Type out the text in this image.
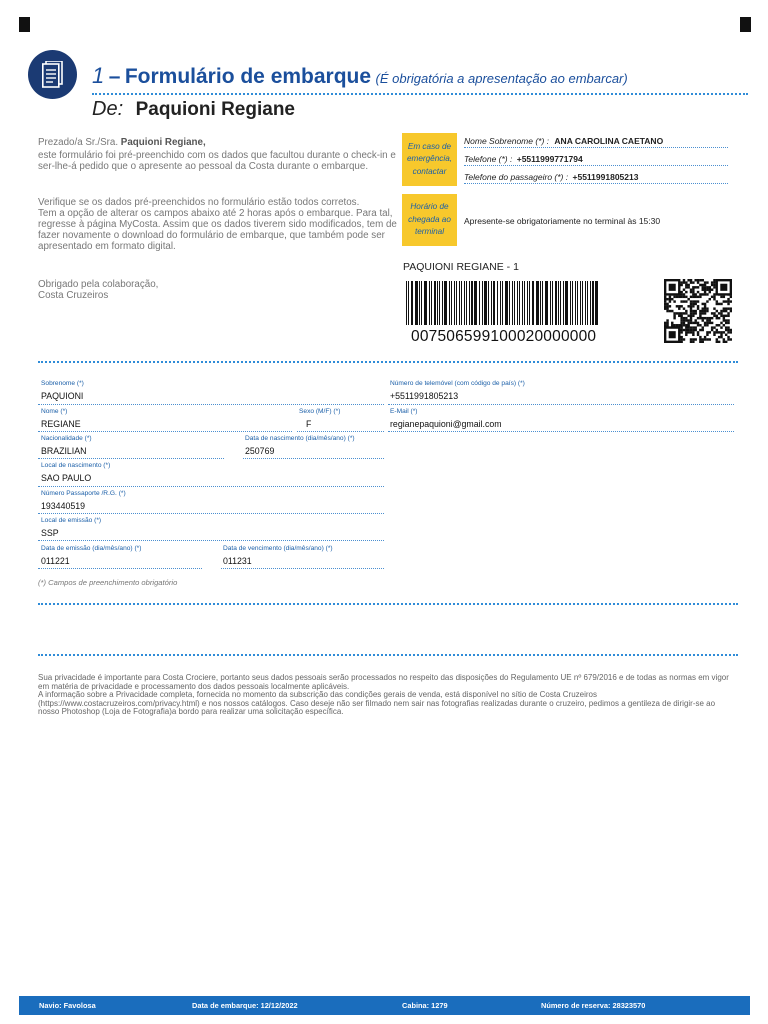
1 – Formulário de embarque (É obrigatória a apresentação ao embarcar)
De: Paquioni Regiane
Prezado/a Sr./Sra. Paquioni Regiane,
este formulário foi pré-preenchido com os dados que facultou durante o check-in e ser-lhe-á pedido que o apresente ao pessoal da Costa durante o embarque.
Verifique se os dados pré-preenchidos no formulário estão todos corretos.
Tem a opção de alterar os campos abaixo até 2 horas após o embarque. Para tal, regresse à página MyCosta. Assim que os dados tiverem sido modificados, tem de fazer novamente o download do formulário de embarque, que também pode ser apresentado em formato digital.
Obrigado pela colaboração,
Costa Cruzeiros
Em caso de emergência, contactar
Nome Sobrenome (*) : ANA CAROLINA CAETANO
Telefone (*) : +5511999771794
Telefone do passageiro (*) : +5511991805213
Horário de chegada ao terminal
Apresente-se obrigatoriamente no terminal às 15:30
PAQUIONI REGIANE - 1
007506599100020000000
Sobrenome (*)
PAQUIONI
Nome (*)
REGIANE
Sexo (M/F) (*)
F
Nacionalidade (*)
BRAZILIAN
Data de nascimento (dia/mês/ano) (*)
250769
Local de nascimento (*)
SAO PAULO
Número Passaporte /R.G. (*)
193440519
Local de emissão (*)
SSP
Data de emissão (dia/mês/ano) (*)
011221
Data de vencimento (dia/mês/ano) (*)
011231
Número de telemóvel (com código de país) (*)
+5511991805213
E-Mail (*)
regianepaquioni@gmail.com
(*) Campos de preenchimento obrigatório
Sua privacidade é importante para Costa Crociere, portanto seus dados pessoais serão processados no respeito das disposições do Regulamento UE nº 679/2016 e de todas as normas em vigor em matéria de privacidade e processamento dos dados pessoais localmente aplicáveis.
A informação sobre a Privacidade completa, fornecida no momento da subscrição das condições gerais de venda, está disponível no sítio de Costa Cruzeiros (https://www.costacruzeiros.com/privacy.html) e nos nossos catálogos. Caso deseje não ser filmado nem sair nas fotografias realizadas durante o cruzeiro, pedimos a gentileza de dirigir-se ao nosso Photoshop (Loja de Fotografia)a bordo para realizar uma solicitação específica.
Navio: Favolosa	Data de embarque: 12/12/2022	Cabina: 1279	Número de reserva: 28323570
